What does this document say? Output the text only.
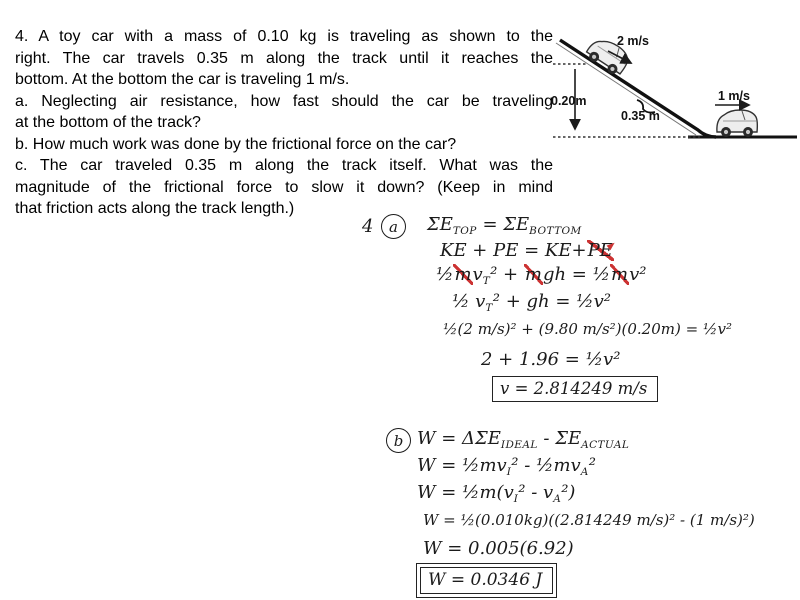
4. A toy car with a mass of 0.10 kg is traveling as shown to the
right. The car travels 0.35 m along the track until it reaches the
bottom. At the bottom the car is traveling 1 m/s.
a. Neglecting air resistance, how fast should the car be traveling
at the bottom of the track?
b. How much work was done by the frictional force on the car?
c. The car traveled 0.35 m along the track itself. What was the
magnitude of the frictional force to slow it down? (Keep in mind
that friction acts along the track length.)
0.20m
0.35 m
2 m/s
1 m/s
4	a	$\Sigma E_{TOP} = \Sigma E_{BOTTOM}$
KE + PE = KE+PE
$\frac{1}{2}mv_T^2$ + mgh = ½mv²
½ $v_T^2$ + gh = ½v²
½(2 m/s)² + (9.80 m/s²)(0.20m) = ½v²
2 + 1.96 = ½v²
v = 2.814249 m/s
b $W = \Delta\Sigma E_{IDEAL} - \Sigma E_{ACTUAL}$
$W = \frac{1}{2}mv_I^2$ - $\frac{1}{2}mv_A^2$
$W = \frac{1}{2}m(v_I^2 - v_A^2)$
W = ½(0.010kg)((2.814249 m/s)² - (1 m/s)²)
W = 0.005(6.92)
W = 0.0346 J
